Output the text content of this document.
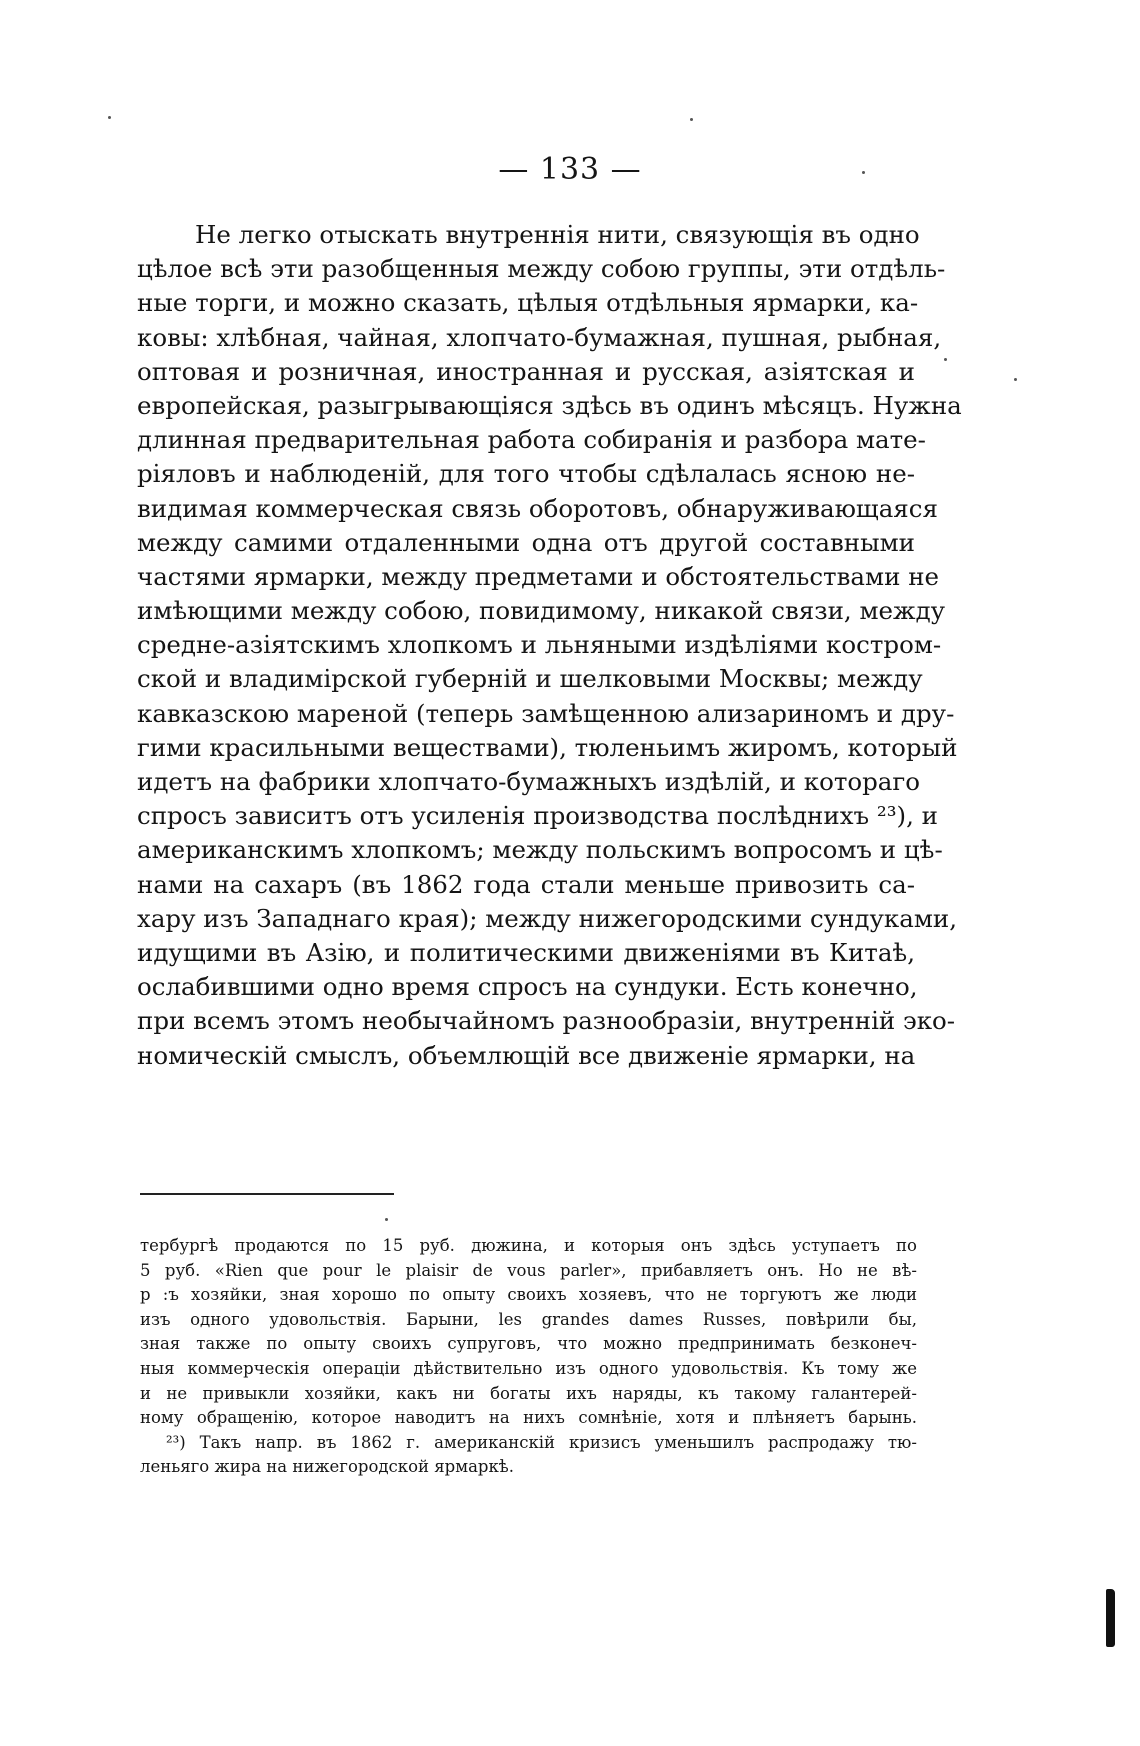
— 133 —
Не легко отыскать внутреннія нити, связующія въ одно
цѣлое всѣ эти разобщенныя между собою группы, эти отдѣль-
ные торги, и можно сказать, цѣлыя отдѣльныя ярмарки, ка-
ковы: хлѣбная, чайная, хлопчато-бумажная, пушная, рыбная,
оптовая и розничная, иностранная и русская, азіятская и
европейская, разыгрывающіяся здѣсь въ одинъ мѣсяцъ. Нужна
длинная предварительная работа собиранія и разбора мате-
ріяловъ и наблюденій, для того чтобы сдѣлалась ясною не-
видимая коммерческая связь оборотовъ, обнаруживающаяся
между самими отдаленными одна отъ другой составными
частями ярмарки, между предметами и обстоятельствами не
имѣющими между собою, повидимому, никакой связи, между
средне-азіятскимъ хлопкомъ и льняными издѣліями костром-
ской и владимірской губерній и шелковыми Москвы; между
кавказскою мареной (теперь замѣщенною ализариномъ и дру-
гими красильными веществами), тюленьимъ жиромъ, который
идетъ на фабрики хлопчато-бумажныхъ издѣлій, и котораго
спросъ зависитъ отъ усиленія производства послѣднихъ ²³), и
американскимъ хлопкомъ; между польскимъ вопросомъ и цѣ-
нами на сахаръ (въ 1862 года стали меньше привозить са-
хару изъ Западнаго края); между нижегородскими сундуками,
идущими въ Азію, и политическими движеніями въ Китаѣ,
ослабившими одно время спросъ на сундуки. Есть конечно,
при всемъ этомъ необычайномъ разнообразіи, внутренній эко-
номическій смыслъ, объемлющій все движеніе ярмарки, на
тербургѣ продаются по 15 руб. дюжина, и которыя онъ здѣсь уступаетъ по
5 руб. «Rien que pour le plaisir de vous parler», прибавляетъ онъ. Но не вѣ-
р :ъ хозяйки, зная хорошо по опыту своихъ хозяевъ, что не торгуютъ же люди
изъ одного удовольствія. Барыни, les grandes dames Russes, повѣрили бы,
зная также по опыту своихъ супруговъ, что можно предпринимать безконеч-
ныя коммерческія операціи дѣйствительно изъ одного удовольствія. Къ тому же
и не привыкли хозяйки, какъ ни богаты ихъ наряды, къ такому галантерей-
ному обращенію, которое наводитъ на нихъ сомнѣніе, хотя и плѣняетъ барынь.
²³) Такъ напр. въ 1862 г. американскій кризисъ уменьшилъ распродажу тю-
леньяго жира на нижегородской ярмаркѣ.
